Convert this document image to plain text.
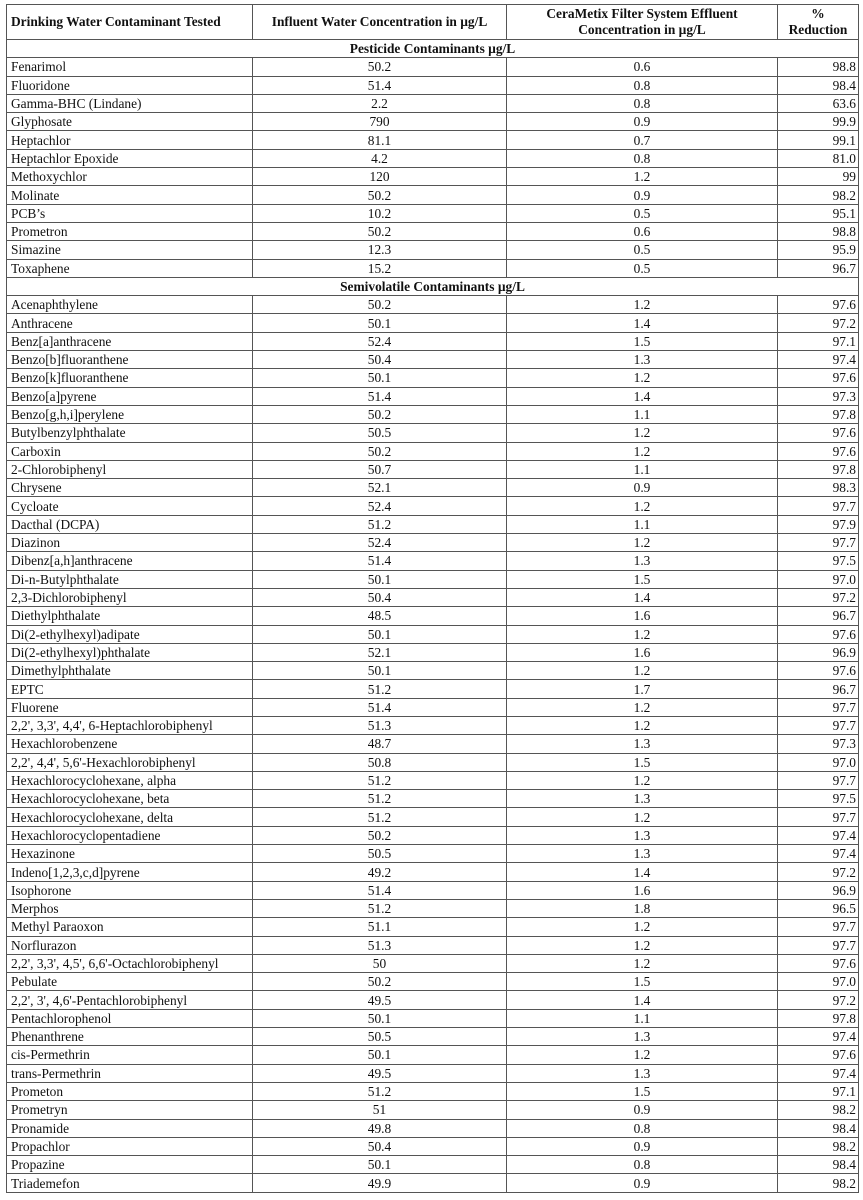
Drinking Water Contaminant Tested	Influent Water Concentration in µg/L	CeraMetix Filter System Effluent Concentration in µg/L	% Reduction
Pesticide Contaminants µg/L			
Fenarimol	50.2	0.6	98.8
Fluoridone	51.4	0.8	98.4
Gamma-BHC (Lindane)	2.2	0.8	63.6
Glyphosate	790	0.9	99.9
Heptachlor	81.1	0.7	99.1
Heptachlor Epoxide	4.2	0.8	81.0
Methoxychlor	120	1.2	99
Molinate	50.2	0.9	98.2
PCB’s	10.2	0.5	95.1
Prometron	50.2	0.6	98.8
Simazine	12.3	0.5	95.9
Toxaphene	15.2	0.5	96.7
Semivolatile Contaminants µg/L			
Acenaphthylene	50.2	1.2	97.6
Anthracene	50.1	1.4	97.2
Benz[a]anthracene	52.4	1.5	97.1
Benzo[b]fluoranthene	50.4	1.3	97.4
Benzo[k]fluoranthene	50.1	1.2	97.6
Benzo[a]pyrene	51.4	1.4	97.3
Benzo[g,h,i]perylene	50.2	1.1	97.8
Butylbenzylphthalate	50.5	1.2	97.6
Carboxin	50.2	1.2	97.6
2-Chlorobiphenyl	50.7	1.1	97.8
Chrysene	52.1	0.9	98.3
Cycloate	52.4	1.2	97.7
Dacthal (DCPA)	51.2	1.1	97.9
Diazinon	52.4	1.2	97.7
Dibenz[a,h]anthracene	51.4	1.3	97.5
Di-n-Butylphthalate	50.1	1.5	97.0
2,3-Dichlorobiphenyl	50.4	1.4	97.2
Diethylphthalate	48.5	1.6	96.7
Di(2-ethylhexyl)adipate	50.1	1.2	97.6
Di(2-ethylhexyl)phthalate	52.1	1.6	96.9
Dimethylphthalate	50.1	1.2	97.6
EPTC	51.2	1.7	96.7
Fluorene	51.4	1.2	97.7
2,2', 3,3', 4,4', 6-Heptachlorobiphenyl	51.3	1.2	97.7
Hexachlorobenzene	48.7	1.3	97.3
2,2', 4,4', 5,6'-Hexachlorobiphenyl	50.8	1.5	97.0
Hexachlorocyclohexane, alpha	51.2	1.2	97.7
Hexachlorocyclohexane, beta	51.2	1.3	97.5
Hexachlorocyclohexane, delta	51.2	1.2	97.7
Hexachlorocyclopentadiene	50.2	1.3	97.4
Hexazinone	50.5	1.3	97.4
Indeno[1,2,3,c,d]pyrene	49.2	1.4	97.2
Isophorone	51.4	1.6	96.9
Merphos	51.2	1.8	96.5
Methyl Paraoxon	51.1	1.2	97.7
Norflurazon	51.3	1.2	97.7
2,2', 3,3', 4,5', 6,6'-Octachlorobiphenyl	50	1.2	97.6
Pebulate	50.2	1.5	97.0
2,2', 3', 4,6'-Pentachlorobiphenyl	49.5	1.4	97.2
Pentachlorophenol	50.1	1.1	97.8
Phenanthrene	50.5	1.3	97.4
cis-Permethrin	50.1	1.2	97.6
trans-Permethrin	49.5	1.3	97.4
Prometon	51.2	1.5	97.1
Prometryn	51	0.9	98.2
Pronamide	49.8	0.8	98.4
Propachlor	50.4	0.9	98.2
Propazine	50.1	0.8	98.4
Triademefon	49.9	0.9	98.2
